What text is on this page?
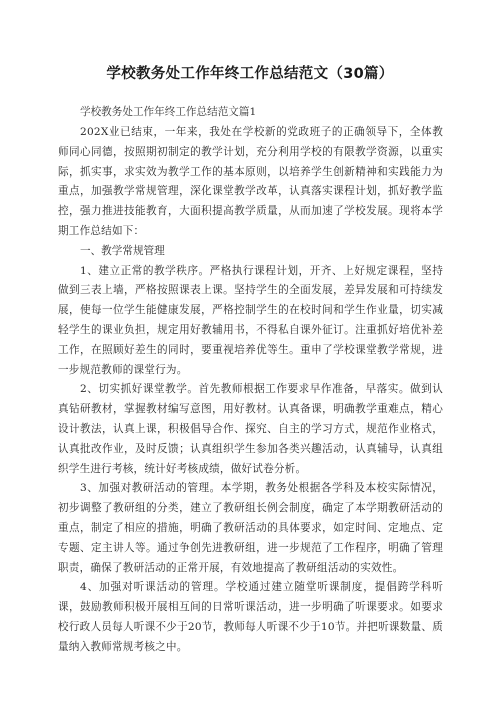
学校教务处工作年终工作总结范文（30篇）

学校教务处工作年终工作总结范文篇1

202X业已结束，一年来，我处在学校新的党政班子的正确领导下，全体教师同心同德，按照期初制定的教学计划，充分利用学校的有限教学资源，以重实际，抓实事，求实效为教学工作的基本原则，以培养学生创新精神和实践能力为重点，加强教学常规管理，深化课堂教学改革，认真落实课程计划，抓好教学监控，强力推进技能教育，大面积提高教学质量，从而加速了学校发展。现将本学期工作总结如下：

一、教学常规管理

1、建立正常的教学秩序。严格执行课程计划，开齐、上好规定课程，坚持做到三表上墙，严格按照课表上课。坚持学生的全面发展，差异发展和可持续发展，使每一位学生能健康发展，严格控制学生的在校时间和学生作业量，切实减轻学生的课业负担，规定用好教辅用书，不得私自课外征订。注重抓好培优补差工作，在照顾好差生的同时，要重视培养优等生。重申了学校课堂教学常规，进一步规范教师的课堂行为。

2、切实抓好课堂教学。首先教师根据工作要求早作准备，早落实。做到认真钻研教材，掌握教材编写意图，用好教材。认真备课，明确教学重难点，精心设计教法，认真上课，积极倡导合作、探究、自主的学习方式，规范作业格式，认真批改作业，及时反馈；认真组织学生参加各类兴趣活动，认真辅导，认真组织学生进行考核，统计好考核成绩，做好试卷分析。

3、加强对教研活动的管理。本学期，教务处根据各学科及本校实际情况，初步调整了教研组的分类，建立了教研组长例会制度，确定了本学期教研活动的重点，制定了相应的措施，明确了教研活动的具体要求，如定时间、定地点、定专题、定主讲人等。通过争创先进教研组，进一步规范了工作程序，明确了管理职责，确保了教研活动的正常开展，有效地提高了教研组活动的实效性。

4、加强对听课活动的管理。学校通过建立随堂听课制度，提倡跨学科听课，鼓励教师积极开展相互间的日常听课活动，进一步明确了听课要求。如要求校行政人员每人听课不少于20节，教师每人听课不少于10节。并把听课数量、质量纳入教师常规考核之中。
